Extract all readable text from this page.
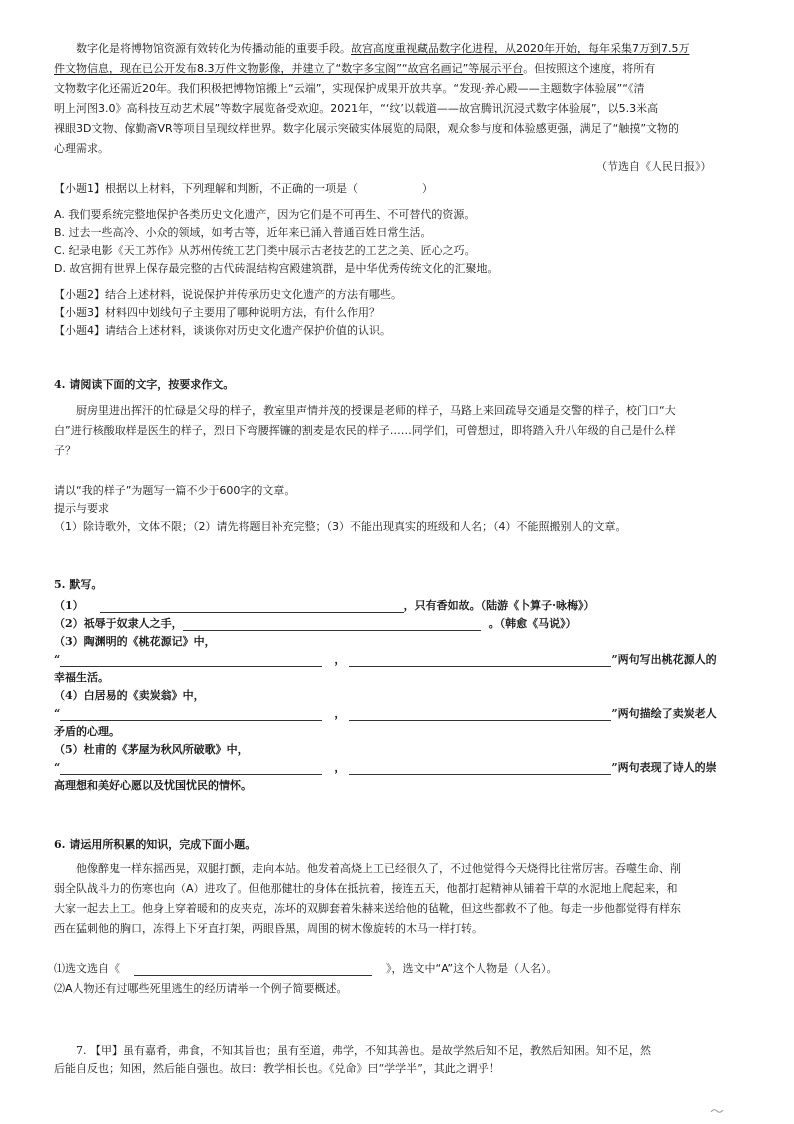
数字化是将博物馆资源有效转化为传播动能的重要手段。故宫高度重视藏品数字化进程，从2020年开始，每年采集7万到7.5万
件文物信息，现在已公开发布8.3万件文物影像，并建立了“数字多宝阁”“故宫名画记”等展示平台。但按照这个速度，将所有
文物数字化还需近20年。我们积极把博物馆搬上“云端”，实现保护成果开放共享。“发现·养心殿——主题数字体验展”“《清
明上河图3.0》高科技互动艺术展”等数字展览备受欢迎。2021年，“‘纹’以载道——故宫腾讯沉浸式数字体验展”，以5.3米高
裸眼3D文物、傢勤斋VR等项目呈现纹样世界。数字化展示突破实体展览的局限，观众参与度和体验感更强，满足了“触摸”文物的
心理需求。
（节选自《人民日报》）
【小题1】根据以上材料，下列理解和判断，不正确的一项是（	）
A. 我们要系统完整地保护各类历史文化遗产，因为它们是不可再生、不可替代的资源。
B. 过去一些高冷、小众的领域，如考古等，近年来已涌入普通百姓日常生活。
C. 纪录电影《天工苏作》从苏州传统工艺门类中展示古老技艺的工艺之美、匠心之巧。
D. 故宫拥有世界上保存最完整的古代砖混结构宫殿建筑群，是中华优秀传统文化的汇聚地。
【小题2】结合上述材料，说说保护并传承历史文化遗产的方法有哪些。
【小题3】材料四中划线句子主要用了哪种说明方法，有什么作用？
【小题4】请结合上述材料，谈谈你对历史文化遗产保护价值的认识。
4. 请阅读下面的文字，按要求作文。
厨房里进出挥汗的忙碌是父母的样子，教室里声情并茂的授课是老师的样子，马路上来回疏导交通是交警的样子，校门口“大
白”进行核酸取样是医生的样子，烈日下弯腰挥镰的割麦是农民的样子……同学们，可曾想过，即将踏入升八年级的自己是什么样
子？
请以“我的样子”为题写一篇不少于600字的文章。
提示与要求
（1）除诗歌外，文体不限；（2）请先将题目补充完整；（3）不能出现真实的班级和人名；（4）不能照搬别人的文章。
5. 默写。
（1）	，只有香如故。（陆游《卜算子·咏梅》）
（2）祇辱于奴隶人之手，	。（韩愈《马说》）
（3）陶渊明的《桃花源记》中，
“	，	”两句写出桃花源人的
幸福生活。
（4）白居易的《卖炭翁》中，
“	，	”两句描绘了卖炭老人
矛盾的心理。
（5）杜甫的《茅屋为秋风所破歌》中，
“	，	”两句表现了诗人的崇
高理想和美好心愿以及忧国忧民的情怀。
6. 请运用所积累的知识，完成下面小题。
他像醉鬼一样东摇西晃，双腿打颤，走向本站。他发着高烧上工已经很久了，不过他觉得今天烧得比往常厉害。吞噬生命、削
弱全队战斗力的伤寒也向（A）进攻了。但他那健壮的身体在抵抗着，接连五天，他都打起精神从铺着干草的水泥地上爬起来，和
大家一起去上工。他身上穿着暖和的皮夹克，冻坏的双脚套着朱赫来送给他的毡靴，但这些都救不了他。每走一步他都觉得有样东
西在猛刺他的胸口，冻得上下牙直打架，两眼昏黑，周围的树木像旋转的木马一样打转。
⑴选文选自《	》，选文中“A”这个人物是（人名）。
⑵A人物还有过哪些死里逃生的经历请举一个例子简要概述。
7. 【甲】虽有嘉肴，弗食，不知其旨也；虽有至道，弗学，不知其善也。是故学然后知不足，教然后知困。知不足，然
后能自反也；知困，然后能自强也。故曰：教学相长也。《兑命》曰“学学半”，其此之谓乎！
